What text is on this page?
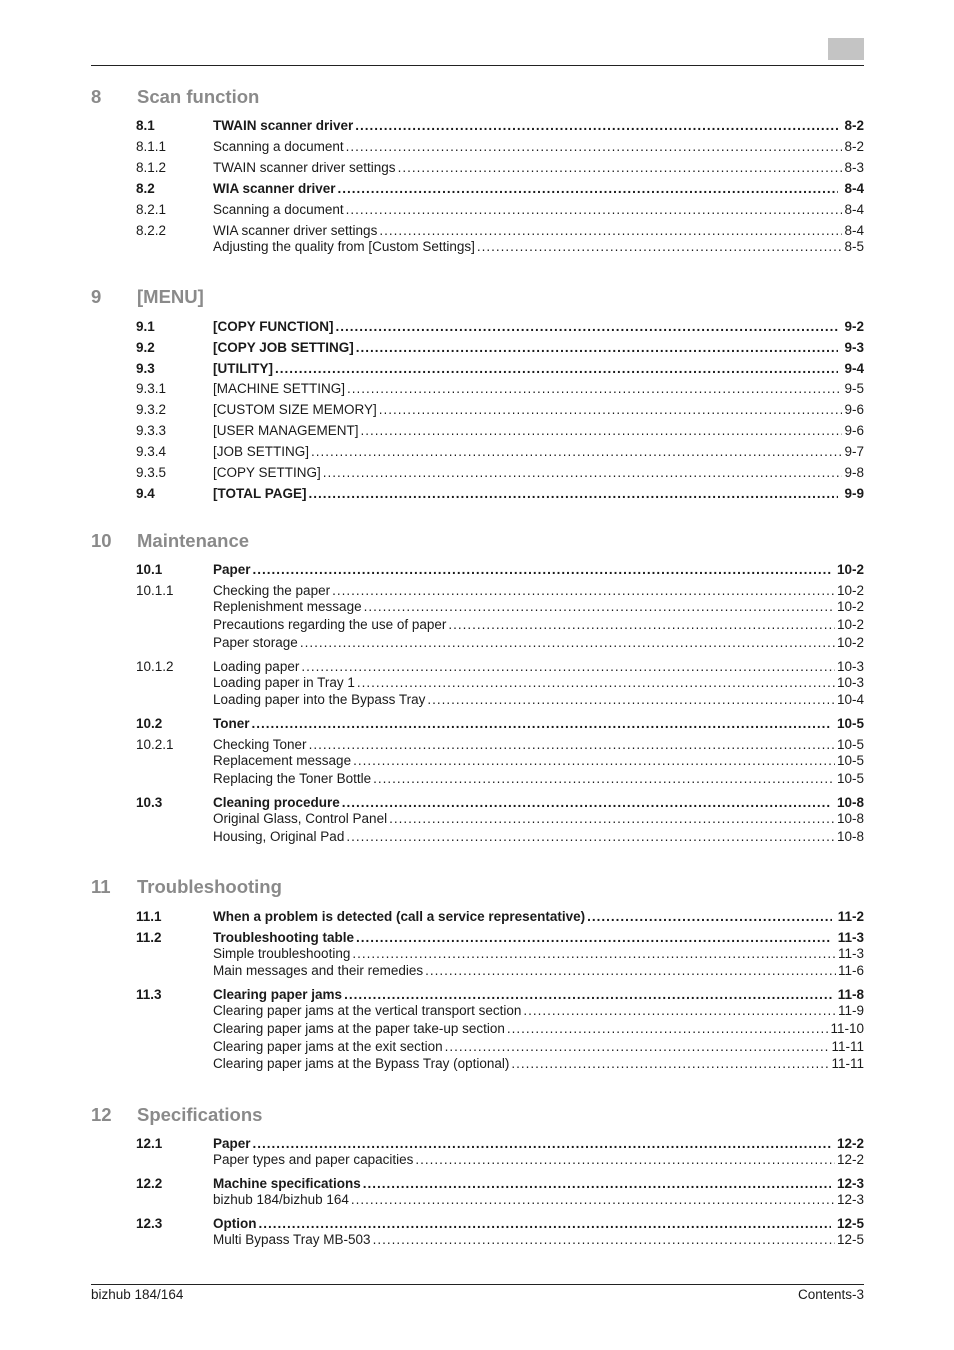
8	Scan function
8.1	TWAIN scanner driver .....	8-2
8.1.1	Scanning a document .....	8-2
8.1.2	TWAIN scanner driver settings .....	8-3
8.2	WIA scanner driver .....	8-4
8.2.1	Scanning a document .....	8-4
8.2.2	WIA scanner driver settings .....	8-4
Adjusting the quality from [Custom Settings] .....	8-5
9	[MENU]
9.1	[COPY FUNCTION] .....	9-2
9.2	[COPY JOB SETTING] .....	9-3
9.3	[UTILITY] .....	9-4
9.3.1	[MACHINE SETTING] .....	9-5
9.3.2	[CUSTOM SIZE MEMORY] .....	9-6
9.3.3	[USER MANAGEMENT] .....	9-6
9.3.4	[JOB SETTING] .....	9-7
9.3.5	[COPY SETTING] .....	9-8
9.4	[TOTAL PAGE] .....	9-9
10	Maintenance
10.1	Paper .....	10-2
10.1.1	Checking the paper .....	10-2
Replenishment message .....	10-2
Precautions regarding the use of paper .....	10-2
Paper storage .....	10-2
10.1.2	Loading paper .....	10-3
Loading paper in Tray 1 .....	10-3
Loading paper into the Bypass Tray .....	10-4
10.2	Toner .....	10-5
10.2.1	Checking Toner .....	10-5
Replacement message .....	10-5
Replacing the Toner Bottle .....	10-5
10.3	Cleaning procedure .....	10-8
Original Glass, Control Panel .....	10-8
Housing, Original Pad .....	10-8
11	Troubleshooting
11.1	When a problem is detected (call a service representative) .....	11-2
11.2	Troubleshooting table .....	11-3
Simple troubleshooting .....	11-3
Main messages and their remedies .....	11-6
11.3	Clearing paper jams .....	11-8
Clearing paper jams at the vertical transport section .....	11-9
Clearing paper jams at the paper take-up section .....	11-10
Clearing paper jams at the exit section .....	11-11
Clearing paper jams at the Bypass Tray (optional) .....	11-11
12	Specifications
12.1	Paper .....	12-2
Paper types and paper capacities .....	12-2
12.2	Machine specifications .....	12-3
bizhub 184/bizhub 164 .....	12-3
12.3	Option .....	12-5
Multi Bypass Tray MB-503 .....	12-5
bizhub 184/164	Contents-3
